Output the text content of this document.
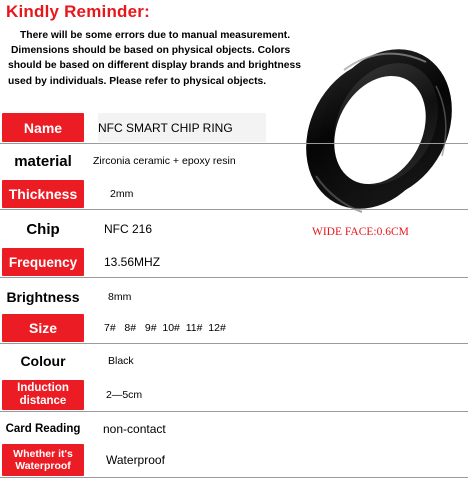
Kindly Reminder:
There will be some errors due to manual measurement.
Dimensions should be based on physical objects. Colors
should be based on different display brands and brightness
used by individuals. Please refer to physical objects.
WIDE FACE:0.6CM
Name	NFC SMART CHIP RING
material	Zirconia ceramic + epoxy resin
Thickness	2mm
Chip	NFC 216
Frequency	13.56MHZ
Brightness	8mm
Size	7#   8#   9#  10#  11#  12#
Colour	Black
Induction distance	2—5cm
Card Reading	non-contact
Whether it's Waterproof	Waterproof
